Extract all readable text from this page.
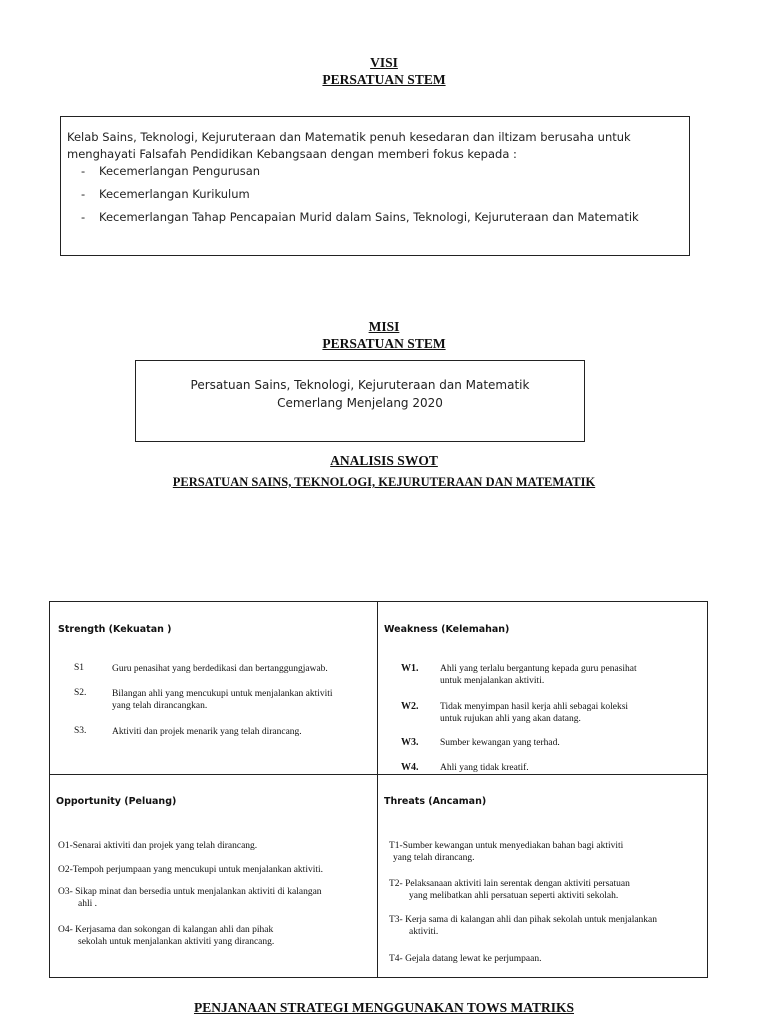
VISI
PERSATUAN STEM
Kelab Sains, Teknologi, Kejuruteraan dan Matematik penuh kesedaran dan iltizam berusaha untuk menghayati Falsafah Pendidikan Kebangsaan dengan memberi fokus kepada :
- Kecemerlangan Pengurusan
- Kecemerlangan Kurikulum
- Kecemerlangan Tahap Pencapaian Murid dalam Sains, Teknologi, Kejuruteraan dan Matematik
MISI
PERSATUAN STEM
Persatuan Sains, Teknologi, Kejuruteraan dan Matematik
Cemerlang Menjelang 2020
ANALISIS SWOT
PERSATUAN SAINS, TEKNOLOGI, KEJURUTERAAN DAN MATEMATIK
Strength (Kekuatan )
S1	Guru penasihat yang berdedikasi dan bertanggungjawab.
S2.	Bilangan ahli yang mencukupi untuk menjalankan aktiviti
yang telah dirancangkan.
S3.	Aktiviti dan projek menarik yang telah dirancang.
Weakness (Kelemahan)
W1. Ahli yang terlalu bergantung kepada guru penasihat
untuk menjalankan aktiviti.
W2. Tidak menyimpan hasil kerja ahli sebagai koleksi
untuk rujukan ahli yang akan datang.
W3. Sumber kewangan yang terhad.
W4. Ahli yang tidak kreatif.
Opportunity (Peluang)
O1-Senarai aktiviti dan projek yang telah dirancang.
O2-Tempoh perjumpaan yang mencukupi untuk menjalankan aktiviti.
O3- Sikap minat dan bersedia untuk menjalankan aktiviti di kalangan
ahli .
O4- Kerjasama dan sokongan di kalangan ahli dan pihak
sekolah untuk menjalankan aktiviti yang dirancang.
Threats (Ancaman)
T1-Sumber kewangan untuk menyediakan bahan bagi aktiviti
yang telah dirancang.
T2- Pelaksanaan aktiviti lain serentak dengan aktiviti persatuan
yang melibatkan ahli persatuan seperti aktiviti sekolah.
T3- Kerja sama di kalangan ahli dan pihak sekolah untuk menjalankan
aktiviti.
T4- Gejala datang lewat ke perjumpaan.
PENJANAAN STRATEGI MENGGUNAKAN TOWS MATRIKS
